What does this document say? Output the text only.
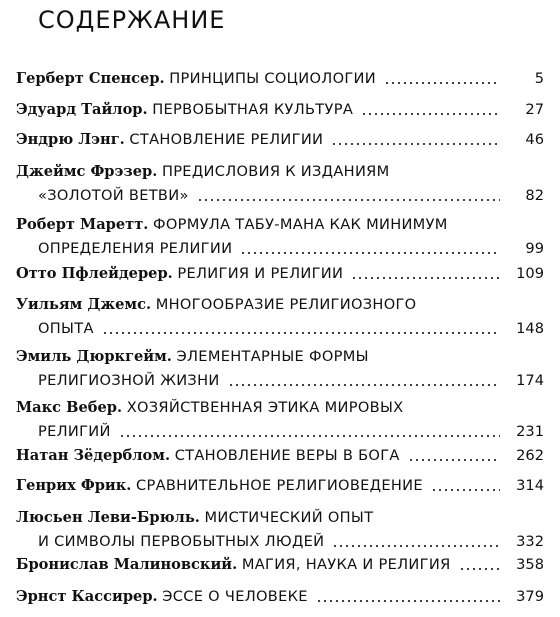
СОДЕРЖАНИЕ
Герберт Спенсер. ПРИНЦИПЫ СОЦИОЛОГИИ	5
Эдуард Тайлор. ПЕРВОБЫТНАЯ КУЛЬТУРА	27
Эндрю Лэнг. СТАНОВЛЕНИЕ РЕЛИГИИ	46
Джеймс Фрэзер. ПРЕДИСЛОВИЯ К ИЗДАНИЯМ
«ЗОЛОТОЙ ВЕТВИ»	82
Роберт Маретт. ФОРМУЛА ТАБУ-МАНА КАК МИНИМУМ
ОПРЕДЕЛЕНИЯ РЕЛИГИИ	99
Отто Пфлейдерер. РЕЛИГИЯ И РЕЛИГИИ	109
Уильям Джемс. МНОГООБРАЗИЕ РЕЛИГИОЗНОГО
ОПЫТА	148
Эмиль Дюркгейм. ЭЛЕМЕНТАРНЫЕ ФОРМЫ
РЕЛИГИОЗНОЙ ЖИЗНИ	174
Макс Вебер. ХОЗЯЙСТВЕННАЯ ЭТИКА МИРОВЫХ
РЕЛИГИЙ	231
Натан Зёдерблом. СТАНОВЛЕНИЕ ВЕРЫ В БОГА	262
Генрих Фрик. СРАВНИТЕЛЬНОЕ РЕЛИГИОВЕДЕНИЕ	314
Люсьен Леви-Брюль. МИСТИЧЕСКИЙ ОПЫТ
И СИМВОЛЫ ПЕРВОБЫТНЫХ ЛЮДЕЙ	332
Бронислав Малиновский. МАГИЯ, НАУКА И РЕЛИГИЯ	358
Эрнст Кассирер. ЭССЕ О ЧЕЛОВЕКЕ	379
